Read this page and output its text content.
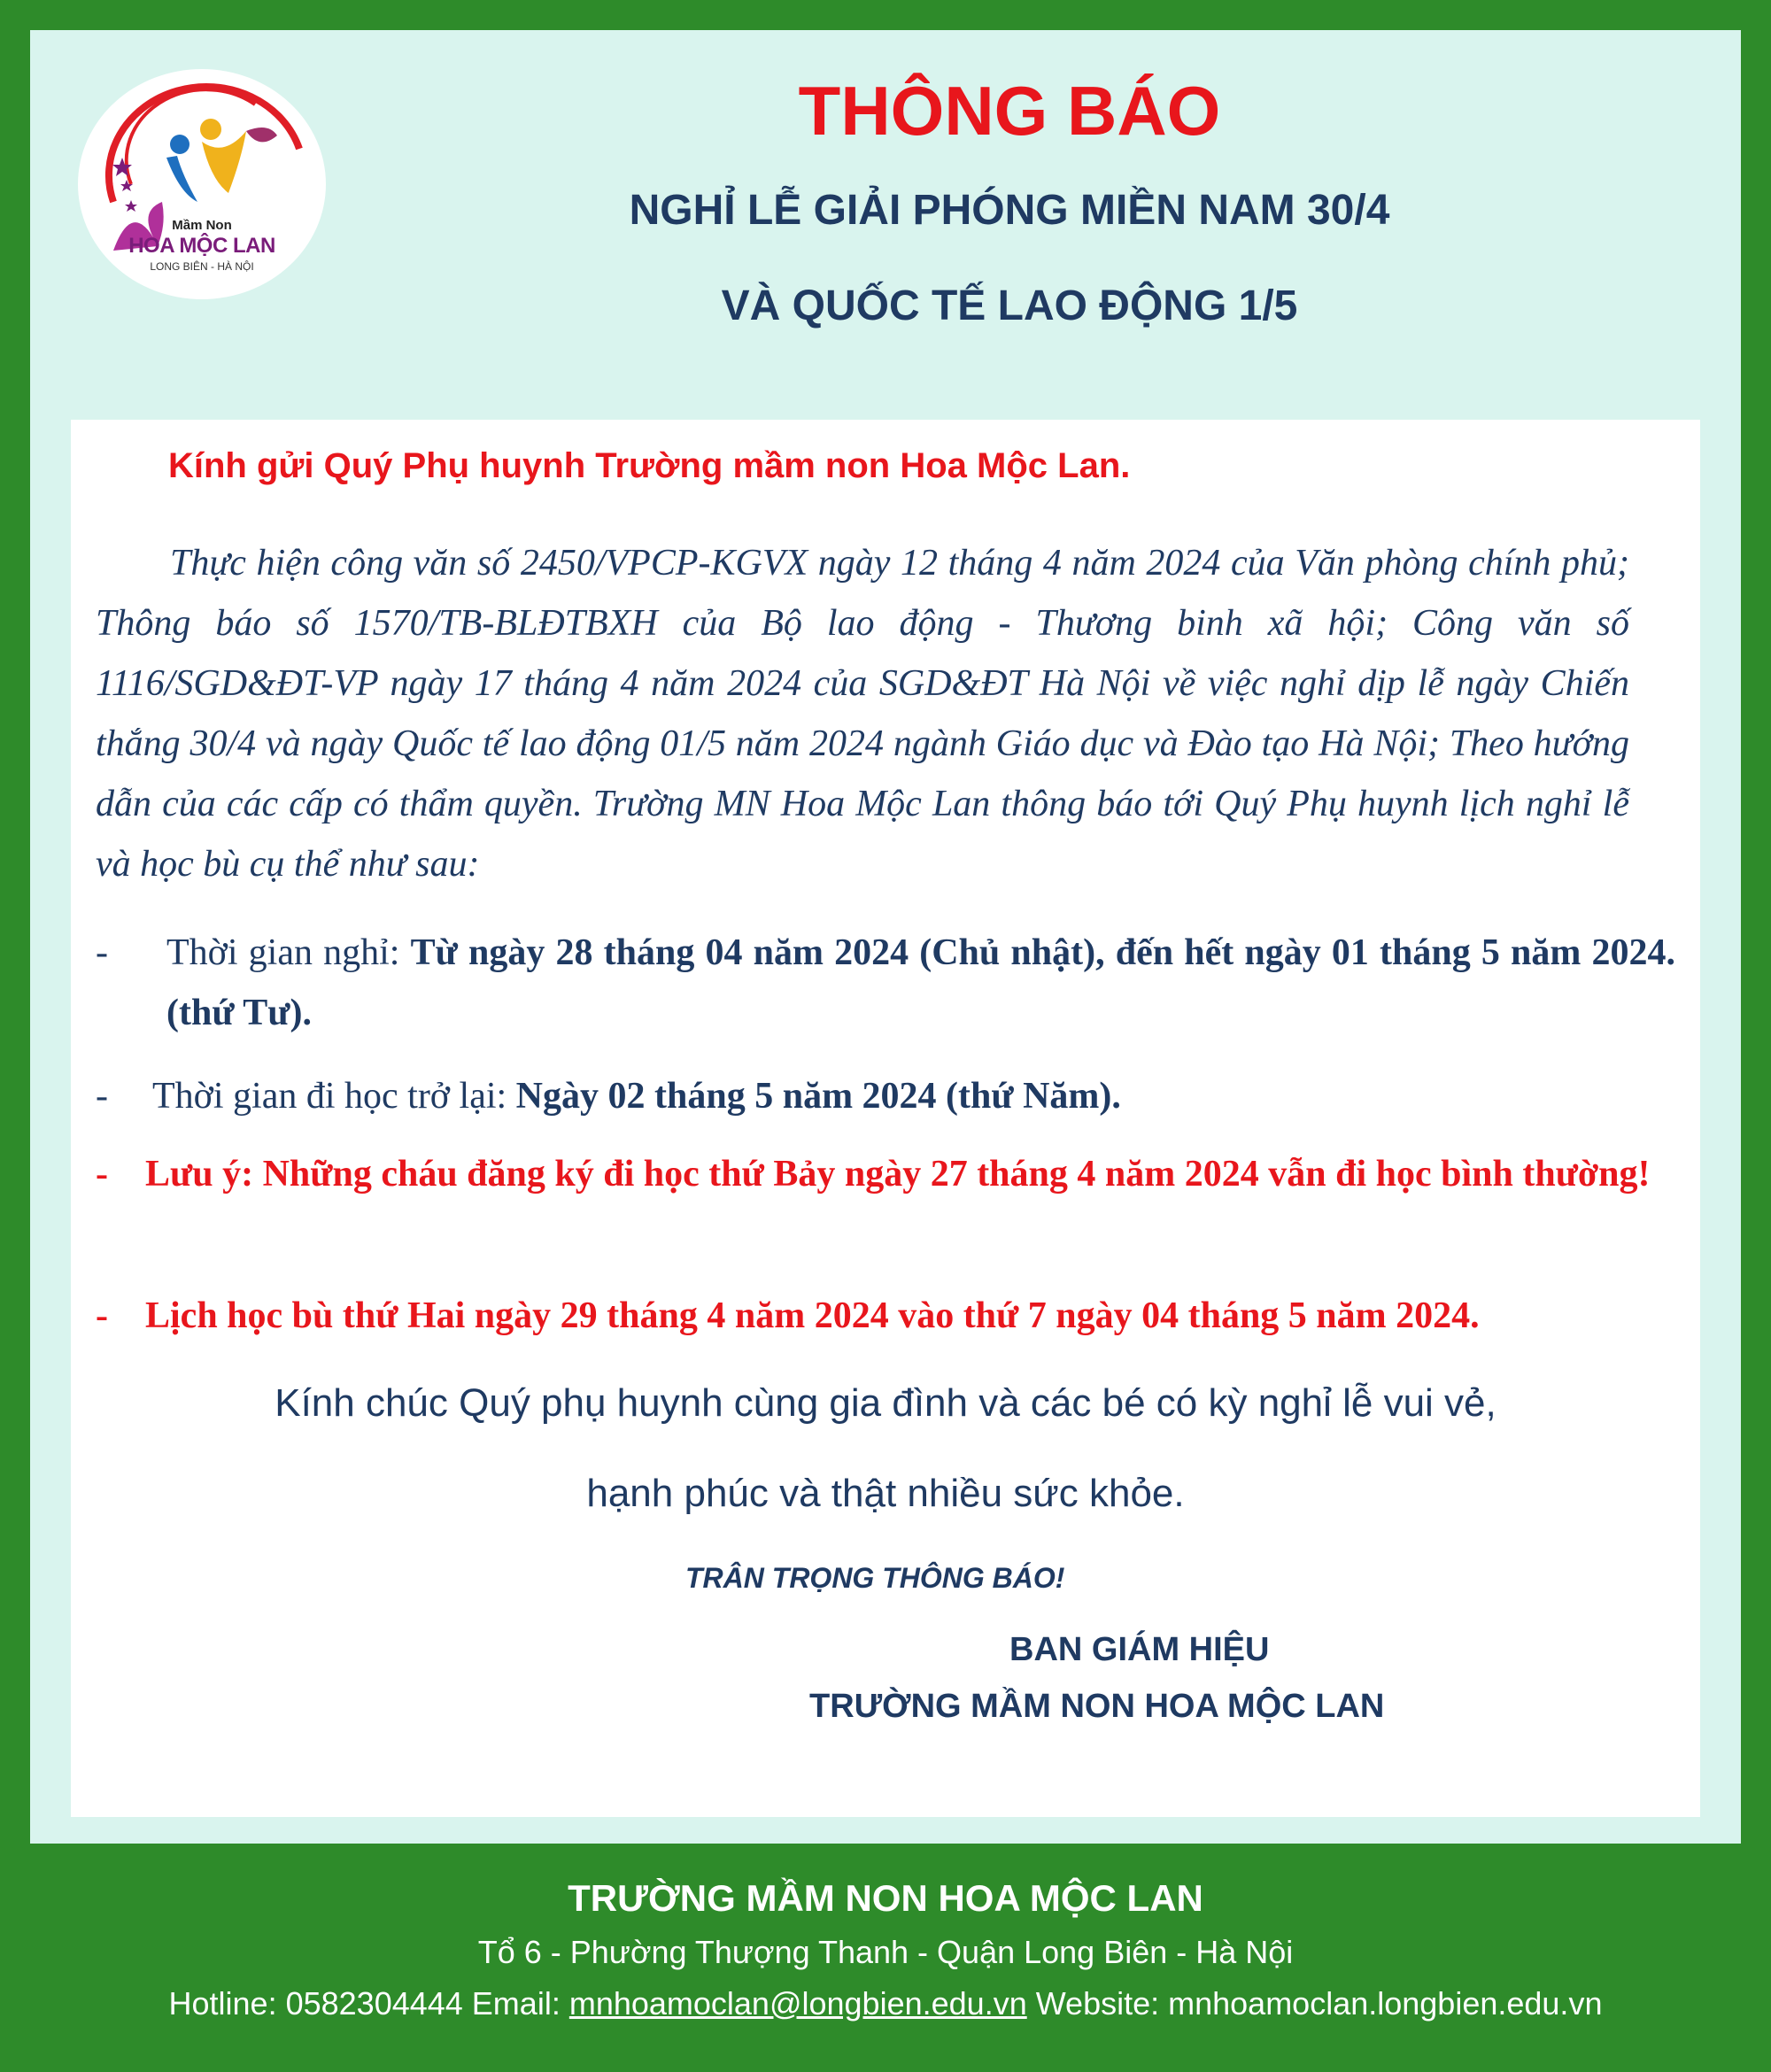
Mầm Non
HOA MỘC LAN
LONG BIÊN - HÀ NỘI
THÔNG BÁO
NGHỈ LỄ GIẢI PHÓNG MIỀN NAM 30/4
VÀ QUỐC TẾ LAO ĐỘNG 1/5
Kính gửi Quý Phụ huynh Trường mầm non Hoa Mộc Lan.
Thực hiện công văn số 2450/VPCP-KGVX ngày 12 tháng 4 năm 2024 của Văn phòng chính phủ; Thông báo số 1570/TB-BLĐTBXH của Bộ lao động - Thương binh xã hội; Công văn số 1116/SGD&ĐT-VP ngày 17 tháng 4 năm 2024 của SGD&ĐT Hà Nội về việc nghỉ dịp lễ ngày Chiến thắng 30/4 và ngày Quốc tế lao động 01/5 năm 2024 ngành Giáo dục và Đào tạo Hà Nội; Theo hướng dẫn của các cấp có thẩm quyền. Trường MN Hoa Mộc Lan thông báo tới Quý Phụ huynh lịch nghỉ lễ và học bù cụ thể như sau:
- Thời gian nghỉ: Từ ngày 28 tháng 04 năm 2024 (Chủ nhật), đến hết ngày 01 tháng 5 năm 2024. (thứ Tư).
- Thời gian đi học trở lại: Ngày 02 tháng 5 năm 2024 (thứ Năm).
- Lưu ý: Những cháu đăng ký đi học thứ Bảy ngày 27 tháng 4 năm 2024 vẫn đi học bình thường!
- Lịch học bù thứ Hai ngày 29 tháng 4 năm 2024 vào thứ 7 ngày 04 tháng 5 năm 2024.
Kính chúc Quý phụ huynh cùng gia đình và các bé có kỳ nghỉ lễ vui vẻ,
hạnh phúc và thật nhiều sức khỏe.
TRÂN TRỌNG THÔNG BÁO!
BAN GIÁM HIỆU
TRƯỜNG MẦM NON HOA MỘC LAN
TRƯỜNG MẦM NON HOA MỘC LAN
Tổ 6 - Phường Thượng Thanh - Quận Long Biên - Hà Nội
Hotline: 0582304444 Email: mnhoamoclan@longbien.edu.vn Website: mnhoamoclan.longbien.edu.vn
